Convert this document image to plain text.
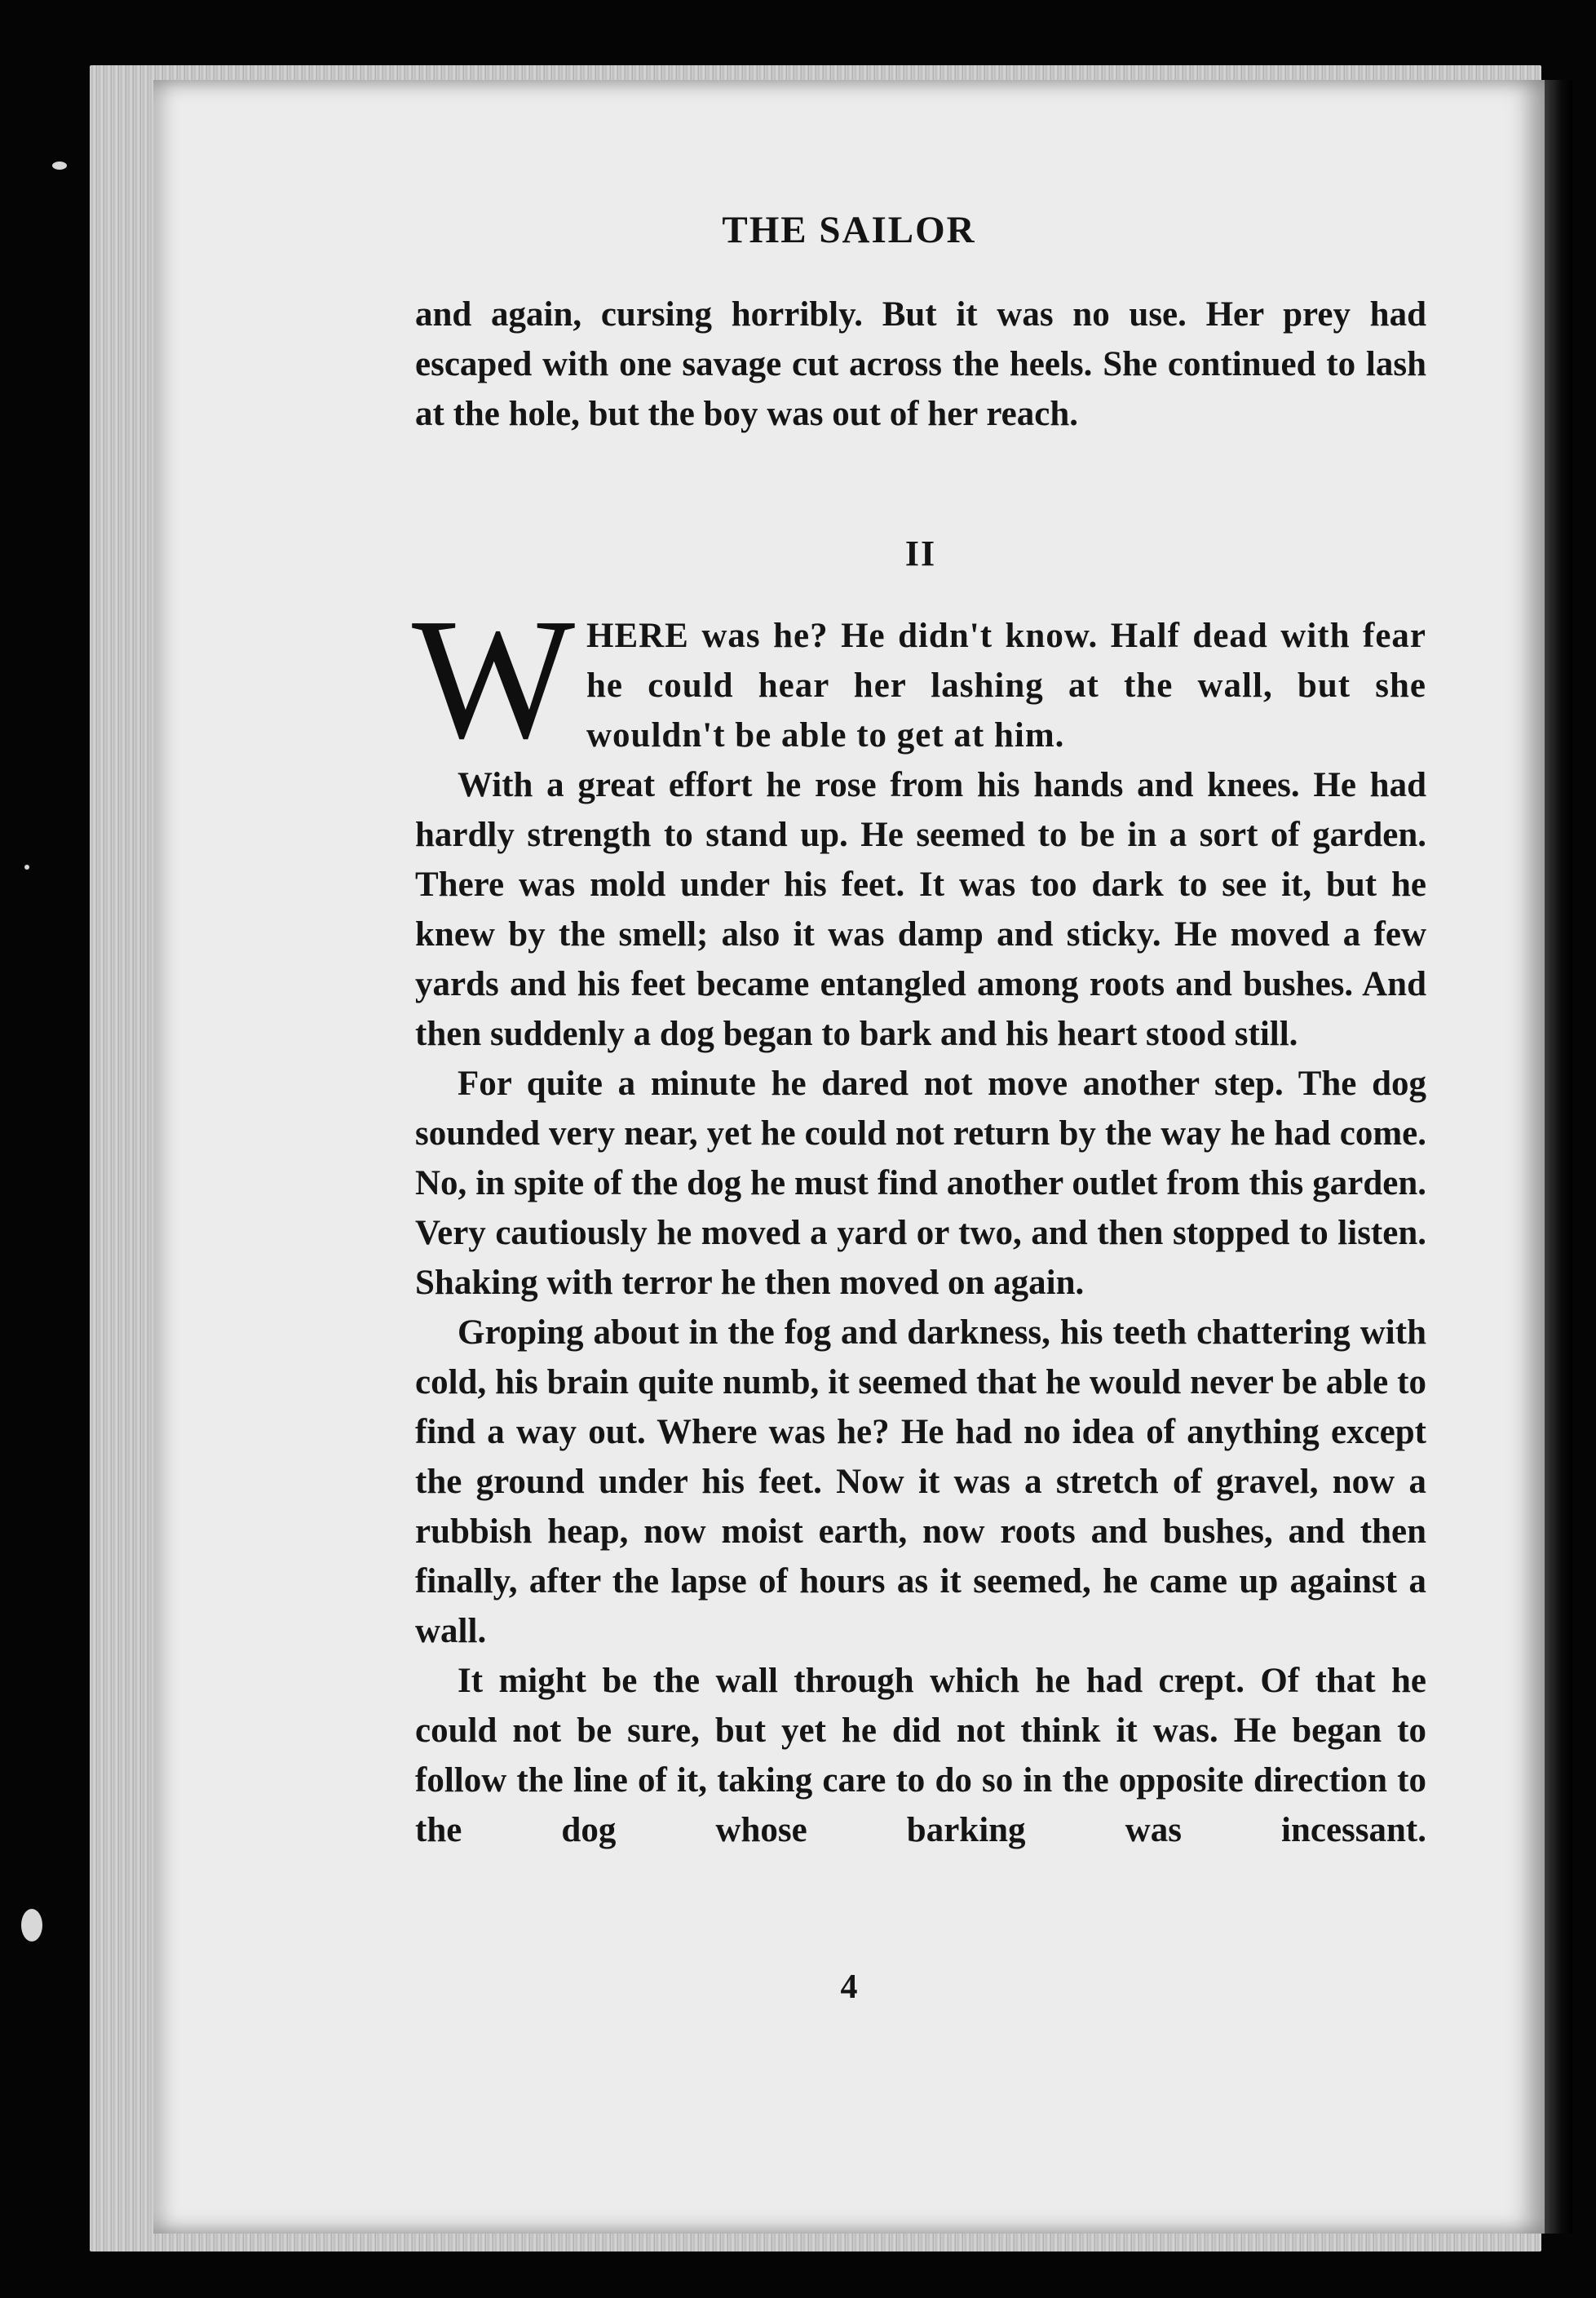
THE SAILOR

and again, cursing horribly. But it was no use. Her prey had escaped with one savage cut across the heels. She continued to lash at the hole, but the boy was out of her reach.

II

W HERE was he? He didn't know. Half dead with fear he could hear her lashing at the wall, but she wouldn't be able to get at him.

With a great effort he rose from his hands and knees. He had hardly strength to stand up. He seemed to be in a sort of garden. There was mold under his feet. It was too dark to see it, but he knew by the smell; also it was damp and sticky. He moved a few yards and his feet became entangled among roots and bushes. And then suddenly a dog began to bark and his heart stood still.

For quite a minute he dared not move another step. The dog sounded very near, yet he could not return by the way he had come. No, in spite of the dog he must find another outlet from this garden. Very cautiously he moved a yard or two, and then stopped to listen. Shaking with terror he then moved on again.

Groping about in the fog and darkness, his teeth chattering with cold, his brain quite numb, it seemed that he would never be able to find a way out. Where was he? He had no idea of anything except the ground under his feet. Now it was a stretch of gravel, now a rubbish heap, now moist earth, now roots and bushes, and then finally, after the lapse of hours as it seemed, he came up against a wall.

It might be the wall through which he had crept. Of that he could not be sure, but yet he did not think it was. He began to follow the line of it, taking care to do so in the opposite direction to the dog whose barking was incessant.

4
